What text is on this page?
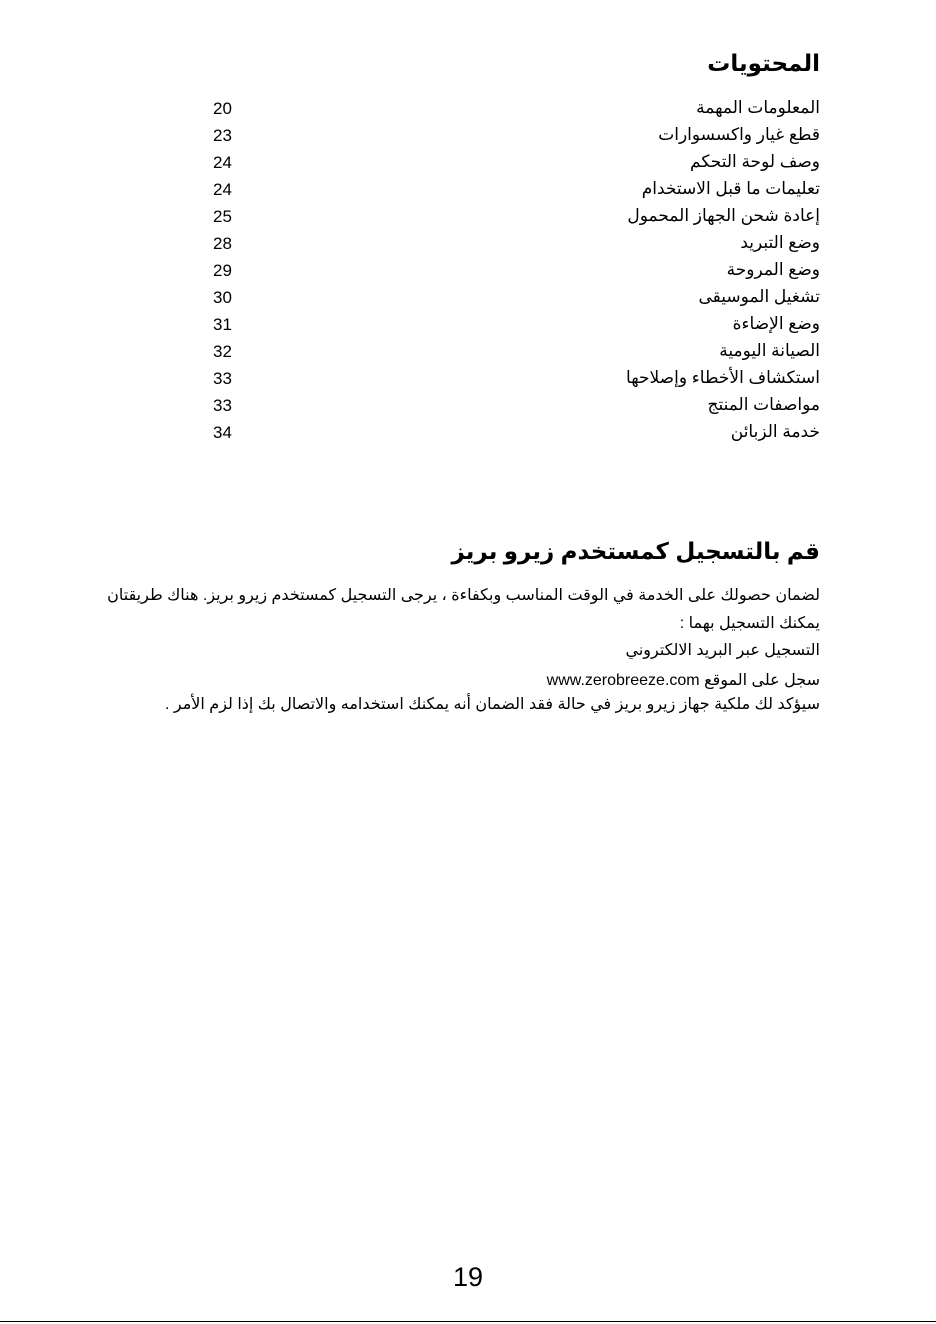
المحتويات
المعلومات المهمة
20
قطع غيار واكسسوارات
23
وصف لوحة التحكم
24
تعليمات ما قبل الاستخدام
24
إعادة شحن الجهاز المحمول
25
وضع التبريد
28
وضع المروحة
29
تشغيل الموسيقى
30
وضع الإضاءة
31
الصيانة اليومية
32
استكشاف الأخطاء وإصلاحها
33
مواصفات المنتج
33
خدمة الزبائن
34
قم بالتسجيل كمستخدم زيرو بريز
لضمان حصولك على الخدمة في الوقت المناسب وبكفاءة ، يرجى التسجيل كمستخدم زيرو بريز. هناك طريقتان
يمكنك التسجيل بهما :
التسجيل عبر البريد الالكتروني
سجل على الموقع www.zerobreeze.com
سيؤكد لك ملكية جهاز زيرو بريز في حالة فقد الضمان أنه يمكنك استخدامه والاتصال بك إذا لزم الأمر .
19
